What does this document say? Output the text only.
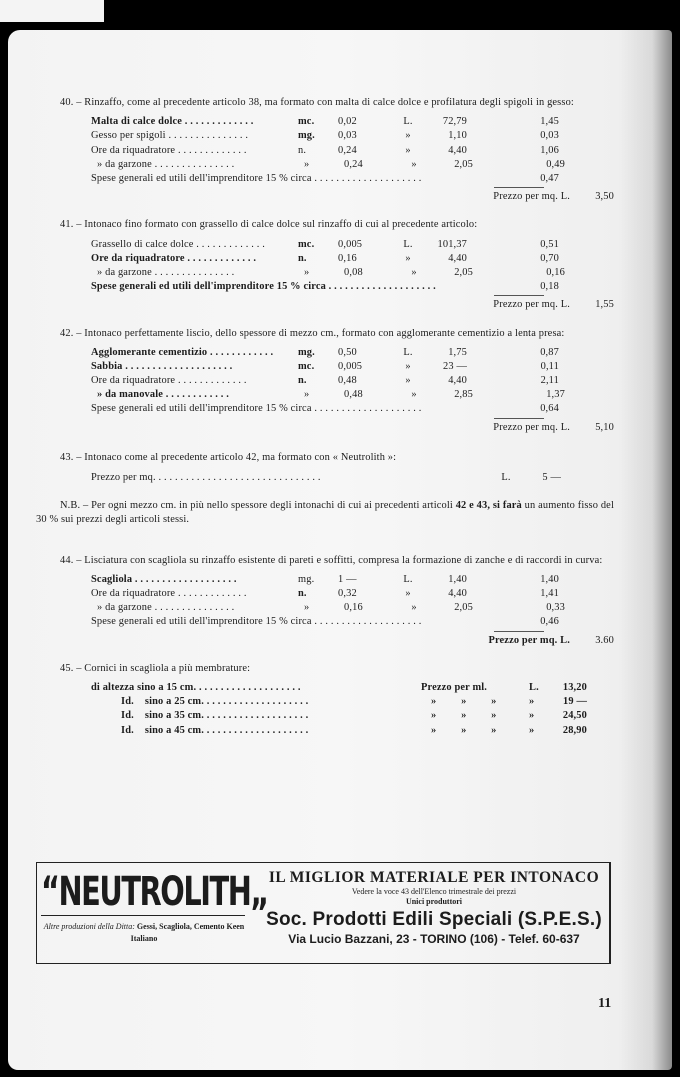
40. – Rinzaffo, come al precedente articolo 38, ma formato con malta di calce dolce e profilatura degli spigoli in gesso:
Malta di calce dolce . . . . . . . . . . . . .	mc.	0,02	L.	72,79	1,45
Gesso per spigoli . . . . . . . . . . . . . . .	mg.	0,03	»	1,10	0,03
Ore da riquadratore . . . . . . . . . . . . .	n.	0,24	»	4,40	1,06
» da garzone . . . . . . . . . . . . . . .	»	0,24	»	2,05	0,49
Spese generali ed utili dell'imprenditore 15 % circa . . . . . . . . . . . . . . . . . . . .	0,47
Prezzo per mq. L.	3,50
41. – Intonaco fino formato con grassello di calce dolce sul rinzaffo di cui al precedente articolo:
Grassello di calce dolce . . . . . . . . . . . . .	mc.	0,005	L.	101,37	0,51
Ore da riquadratore . . . . . . . . . . . . .	n.	0,16	»	4,40	0,70
» da garzone . . . . . . . . . . . . . . .	»	0,08	»	2,05	0,16
Spese generali ed utili dell'imprenditore 15 % circa . . . . . . . . . . . . . . . . . . . .	0,18
Prezzo per mq. L.	1,55
42. – Intonaco perfettamente liscio, dello spessore di mezzo cm., formato con agglomerante cementizio a lenta presa:
Agglomerante cementizio . . . . . . . . . . . .	mg.	0,50	L.	1,75	0,87
Sabbia . . . . . . . . . . . . . . . . . . . .	mc.	0,005	»	23 —	0,11
Ore da riquadratore . . . . . . . . . . . . .	n.	0,48	»	4,40	2,11
» da manovale . . . . . . . . . . . .	»	0,48	»	2,85	1,37
Spese generali ed utili dell'imprenditore 15 % circa . . . . . . . . . . . . . . . . . . . .	0,64
Prezzo per mq. L.	5,10
43. – Intonaco come al precedente articolo 42, ma formato con « Neutrolith »:
Prezzo per mq. . . . . . . . . . . . . . . . . . . . . . . . . . . . . . .	L.	5 —
N.B. – Per ogni mezzo cm. in più nello spessore degli intonachi di cui ai precedenti articoli 42 e 43, si farà un aumento fisso del 30 % sui prezzi degli articoli stessi.
44. – Lisciatura con scagliola su rinzaffo esistente di pareti e soffitti, compresa la formazione di zanche e di raccordi in curva:
Scagliola . . . . . . . . . . . . . . . . . . .	mg.	1 —	L.	1,40	1,40
Ore da riquadratore . . . . . . . . . . . . .	n.	0,32	»	4,40	1,41
» da garzone . . . . . . . . . . . . . . .	»	0,16	»	2,05	0,33
Spese generali ed utili dell'imprenditore 15 % circa . . . . . . . . . . . . . . . . . . . .	0,46
Prezzo per mq. L.	3.60
45. – Cornici in scagliola a più membrature:
di altezza sino a 15 cm. . . . . . . . . . . . . . . . . . . .	Prezzo per ml.	L.	13,20
Id. sino a 25 cm. . . . . . . . . . . . . . . . . . . .	» » »	»	19 —
Id. sino a 35 cm. . . . . . . . . . . . . . . . . . . .	» » »	»	24,50
Id. sino a 45 cm. . . . . . . . . . . . . . . . . . . .	» » »	»	28,90
“NEUTROLITH„
Altre produzioni della Ditta: Gessi, Scagliola, Cemento Keen Italiano
IL MIGLIOR MATERIALE PER INTONACO
Vedere la voce 43 dell'Elenco trimestrale dei prezzi
Unici produttori
Soc. Prodotti Edili Speciali (S.P.E.S.)
Via Lucio Bazzani, 23 - TORINO (106) - Telef. 60-637
11
